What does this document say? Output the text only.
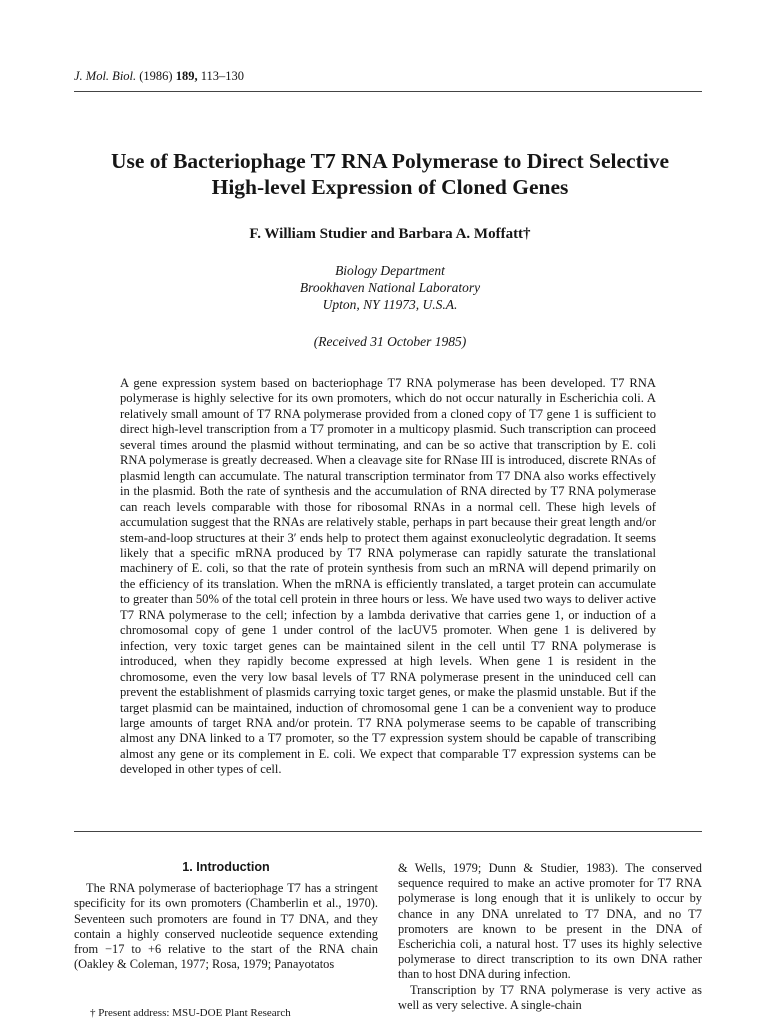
J. Mol. Biol. (1986) 189, 113–130
Use of Bacteriophage T7 RNA Polymerase to Direct Selective
High-level Expression of Cloned Genes
F. William Studier and Barbara A. Moffatt†
Biology Department
Brookhaven National Laboratory
Upton, NY 11973, U.S.A.
(Received 31 October 1985)

A gene expression system based on bacteriophage T7 RNA polymerase has been developed. T7 RNA polymerase is highly selective for its own promoters, which do not occur naturally in Escherichia coli. A relatively small amount of T7 RNA polymerase provided from a cloned copy of T7 gene 1 is sufficient to direct high-level transcription from a T7 promoter in a multicopy plasmid. Such transcription can proceed several times around the plasmid without terminating, and can be so active that transcription by E. coli RNA polymerase is greatly decreased. When a cleavage site for RNase III is introduced, discrete RNAs of plasmid length can accumulate. The natural transcription terminator from T7 DNA also works effectively in the plasmid. Both the rate of synthesis and the accumulation of RNA directed by T7 RNA polymerase can reach levels comparable with those for ribosomal RNAs in a normal cell. These high levels of accumulation suggest that the RNAs are relatively stable, perhaps in part because their great length and/or stem-and-loop structures at their 3′ ends help to protect them against exonucleolytic degradation. It seems likely that a specific mRNA produced by T7 RNA polymerase can rapidly saturate the translational machinery of E. coli, so that the rate of protein synthesis from such an mRNA will depend primarily on the efficiency of its translation. When the mRNA is efficiently translated, a target protein can accumulate to greater than 50% of the total cell protein in three hours or less. We have used two ways to deliver active T7 RNA polymerase to the cell; infection by a lambda derivative that carries gene 1, or induction of a chromosomal copy of gene 1 under control of the lacUV5 promoter. When gene 1 is delivered by infection, very toxic target genes can be maintained silent in the cell until T7 RNA polymerase is introduced, when they rapidly become expressed at high levels. When gene 1 is resident in the chromosome, even the very low basal levels of T7 RNA polymerase present in the uninduced cell can prevent the establishment of plasmids carrying toxic target genes, or make the plasmid unstable. But if the target plasmid can be maintained, induction of chromosomal gene 1 can be a convenient way to produce large amounts of target RNA and/or protein. T7 RNA polymerase seems to be capable of transcribing almost any DNA linked to a T7 promoter, so the T7 expression system should be capable of transcribing almost any gene or its complement in E. coli. We expect that comparable T7 expression systems can be developed in other types of cell.

1. Introduction

The RNA polymerase of bacteriophage T7 has a stringent specificity for its own promoters (Chamberlin et al., 1970). Seventeen such promoters are found in T7 DNA, and they contain a highly conserved nucleotide sequence extending from −17 to +6 relative to the start of the RNA chain (Oakley & Coleman, 1977; Rosa, 1979; Panayotatos

& Wells, 1979; Dunn & Studier, 1983). The conserved sequence required to make an active promoter for T7 RNA polymerase is long enough that it is unlikely to occur by chance in any DNA unrelated to T7 DNA, and no T7 promoters are known to be present in the DNA of Escherichia coli, a natural host. T7 uses its highly selective polymerase to direct transcription to its own DNA rather than to host DNA during infection.

Transcription by T7 RNA polymerase is very active as well as very selective. A single-chain

† Present address: MSU-DOE Plant Research
